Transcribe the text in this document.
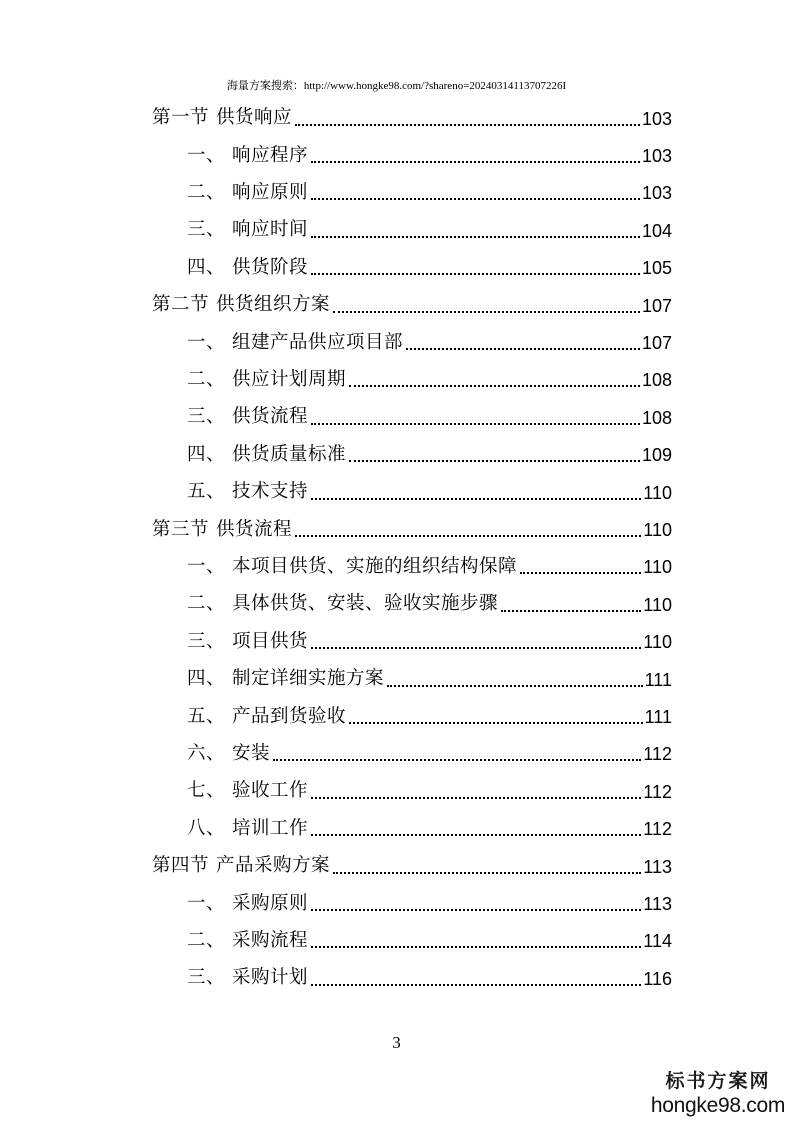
海量方案搜索：http://www.hongke98.com/?shareno=20240314113707226I
第一节 供货响应	103
一、 响应程序	103
二、 响应原则	103
三、 响应时间	104
四、 供货阶段	105
第二节 供货组织方案	107
一、 组建产品供应项目部	107
二、 供应计划周期	108
三、 供货流程	108
四、 供货质量标准	109
五、 技术支持	110
第三节 供货流程	110
一、 本项目供货、实施的组织结构保障	110
二、 具体供货、安装、验收实施步骤	110
三、 项目供货	110
四、 制定详细实施方案	111
五、 产品到货验收	111
六、 安装	112
七、 验收工作	112
八、 培训工作	112
第四节 产品采购方案	113
一、 采购原则	113
二、 采购流程	114
三、 采购计划	116
3
标书方案网
hongke98.com
